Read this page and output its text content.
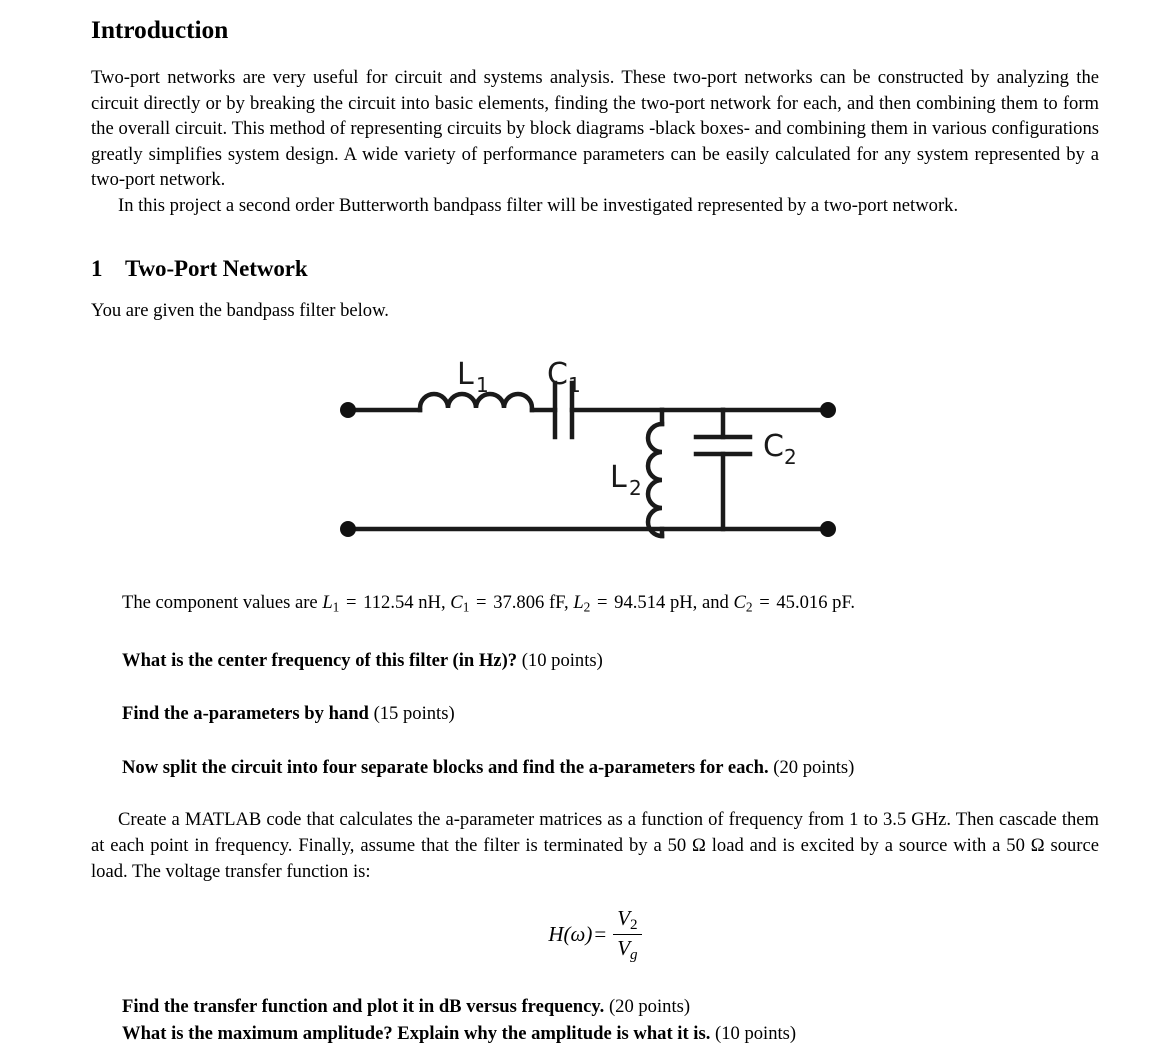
Introduction

Two-port networks are very useful for circuit and systems analysis. These two-port networks can be constructed by analyzing the circuit directly or by breaking the circuit into basic elements, finding the two-port network for each, and then combining them to form the overall circuit. This method of representing circuits by block diagrams -black boxes- and combining them in various configurations greatly simplifies system design. A wide variety of performance parameters can be easily calculated for any system represented by a two-port network.

In this project a second order Butterworth bandpass filter will be investigated represented by a two-port network.

1 Two-Port Network

You are given the bandpass filter below.

L 1 C 1
L 2
C 2

The component values are L1 = 112.54 nH, C1 = 37.806 fF, L2 = 94.514 pH, and C2 = 45.016 pF.

What is the center frequency of this filter (in Hz)? (10 points)

Find the a-parameters by hand (15 points)

Now split the circuit into four separate blocks and find the a-parameters for each. (20 points)

Create a MATLAB code that calculates the a-parameter matrices as a function of frequency from 1 to 3.5 GHz. Then cascade them at each point in frequency. Finally, assume that the filter is terminated by a 50 Ω load and is excited by a source with a 50 Ω source load. The voltage transfer function is:

$H(\omega)= \frac{V2}{Vg}$

Find the transfer function and plot it in dB versus frequency. (20 points)

What is the maximum amplitude? Explain why the amplitude is what it is. (10 points)
